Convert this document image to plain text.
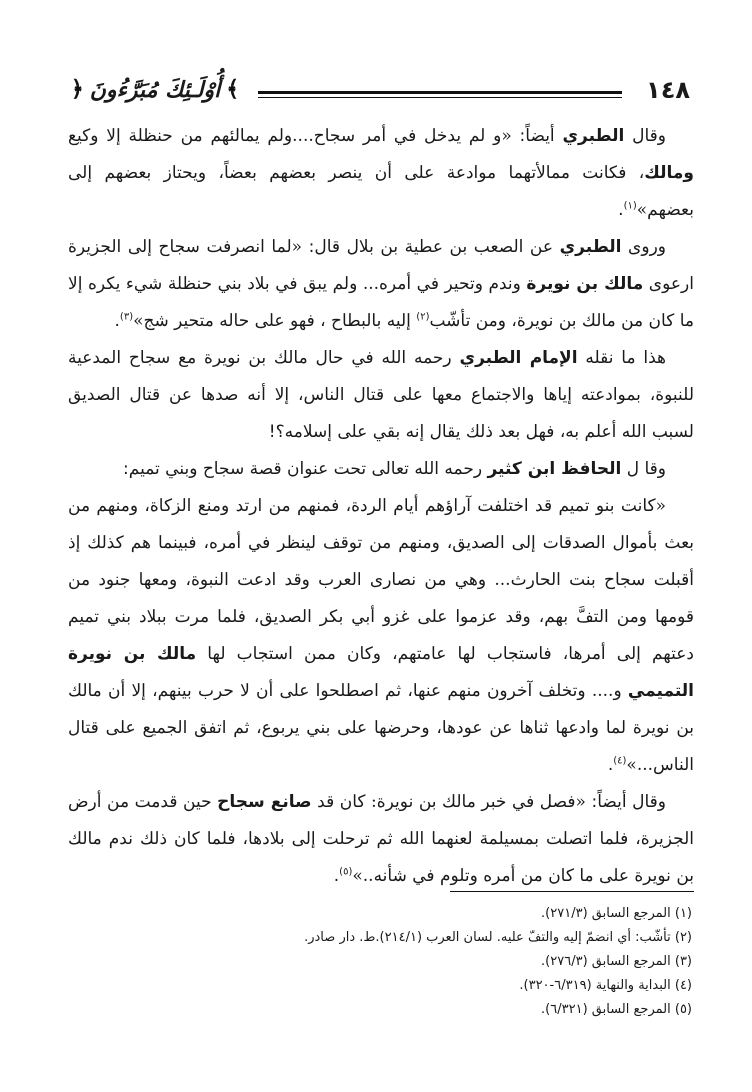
١٤٨
﴾
أُوْلَـئِكَ مُبَرَّءُونَ
﴿

وقال الطبري أيضاً: «و لم يدخل في أمر سجاح....ولم يمالئهم من حنظلة إلا وكيع ومالك، فكانت ممالأتهما موادعة على أن ينصر بعضهم بعضاً، ويحتاز بعضهم إلى بعضهم»$^{(١)}$.

وروى الطبري عن الصعب بن عطية بن بلال قال: «لما انصرفت سجاح إلى الجزيرة ارعوى مالك بن نويرة وندم وتحير في أمره... ولم يبق في بلاد بني حنظلة شيء يكره إلا ما كان من مالك بن نويرة، ومن تأشّب$^{(٢)}$ إليه بالبطاح ، فهو على حاله متحير شج»$^{(٣)}$.

هذا ما نقله الإمام الطبري رحمه الله في حال مالك بن نويرة مع سجاح المدعية للنبوة، بموادعته إياها والاجتماع معها على قتال الناس، إلا أنه صدها عن قتال الصديق لسبب الله أعلم به، فهل بعد ذلك يقال إنه بقي على إسلامه؟!

وقا ل الحافظ ابن كثير رحمه الله تعالى تحت عنوان قصة سجاح وبني تميم:

«كانت بنو تميم قد اختلفت آراؤهم أيام الردة، فمنهم من ارتد ومنع الزكاة، ومنهم من بعث بأموال الصدقات إلى الصديق، ومنهم من توقف لينظر في أمره، فبينما هم كذلك إذ أقبلت سجاح بنت الحارث... وهي من نصارى العرب وقد ادعت النبوة، ومعها جنود من قومها ومن التفَّ بهم، وقد عزموا على غزو أبي بكر الصديق، فلما مرت ببلاد بني تميم دعتهم إلى أمرها، فاستجاب لها عامتهم، وكان ممن استجاب لها مالك بن نويرة التميمي و.... وتخلف آخرون منهم عنها، ثم اصطلحوا على أن لا حرب بينهم، إلا أن مالك بن نويرة لما وادعها ثناها عن عودها، وحرضها على بني يربوع، ثم اتفق الجميع على قتال الناس...»$^{(٤)}$.

وقال أيضاً: «فصل في خبر مالك بن نويرة: كان قد صانع سجاح حين قدمت من أرض الجزيرة، فلما اتصلت بمسيلمة لعنهما الله ثم ترحلت إلى بلادها، فلما كان ذلك ندم مالك بن نويرة على ما كان من أمره وتلوم في شأنه..»$^{(٥)}$.

(١) المرجع السابق (٢٧١/٣).
(٢) تأشّب: أي انضمّ إليه والتفّ عليه. لسان العرب (٢١٤/١).ط. دار صادر.
(٣) المرجع السابق (٢٧٦/٣).
(٤) البداية والنهاية (٦/٣١٩-٣٢٠).
(٥) المرجع السابق (٦/٣٢١).
